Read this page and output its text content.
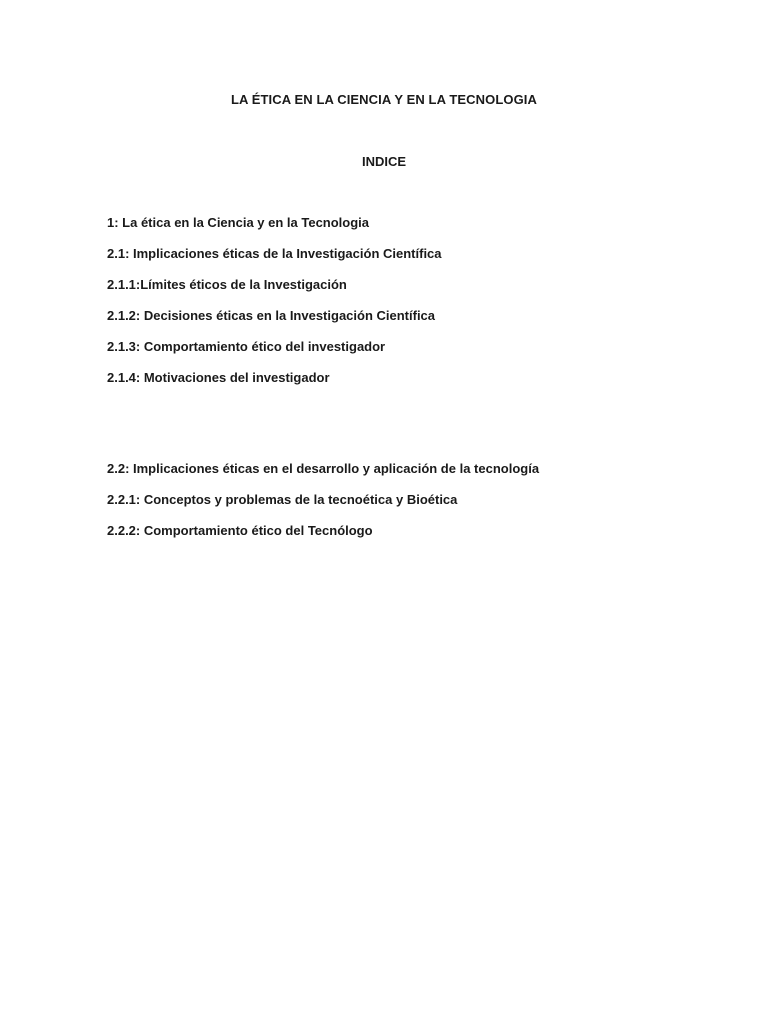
LA ÉTICA EN LA CIENCIA Y EN LA TECNOLOGIA
INDICE
1: La ética en la Ciencia y en la Tecnologia
2.1: Implicaciones éticas de la Investigación Científica
2.1.1:Límites éticos de la Investigación
2.1.2: Decisiones éticas en la Investigación Científica
2.1.3: Comportamiento ético del investigador
2.1.4: Motivaciones del investigador
2.2: Implicaciones éticas en el desarrollo y aplicación de la tecnología
2.2.1: Conceptos y problemas de la tecnoética y Bioética
2.2.2: Comportamiento ético del Tecnólogo
